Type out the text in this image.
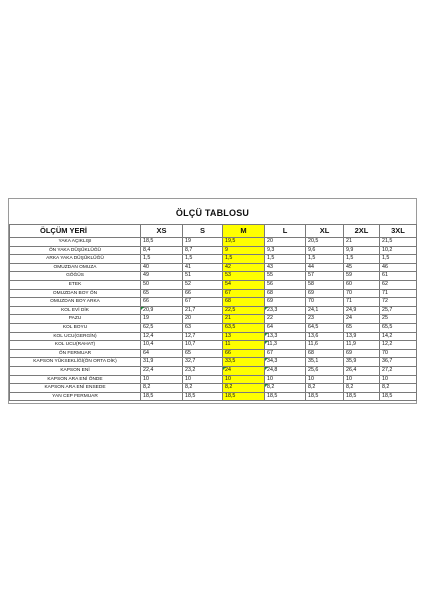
ÖLÇÜ TABLOSU
ÖLÇÜM YERİ	XS	S	M	L	XL	2XL	3XL
YAKA AÇIKLIŞI	18,5	19	19,5	20	20,5	21	21,5
ÖN YAKA DÜŞÜKLÜĞÜ	8,4	8,7	9	9,3	9,6	9,9	10,2
ARKA YAKA DÜŞÜKLÜĞÜ	1,5	1,5	1,5	1,5	1,5	1,5	1,5
OMUZDAN OMUZA	40	41	42	43	44	45	46
GÖĞÜS	49	51	53	55	57	59	61
ETEK	50	52	54	56	58	60	62
OMUZDAN BOY ÖN	65	66	67	68	69	70	71
OMUZDAN BOY ARKA	66	67	68	69	70	71	72
KOL EVİ DİK	20,9	21,7	22,5	23,3	24,1	24,9	25,7
PAZU	19	20	21	22	23	24	25
KOL BOYU	62,5	63	63,5	64	64,5	65	65,5
KOL UCU(GERGİN)	12,4	12,7	13	13,3	13,6	13,9	14,2
KOL UCU(RAHAT)	10,4	10,7	11	11,3	11,6	11,9	12,2
ÖN FERMUAR	64	65	66	67	68	69	70
KAPSON YÜKSEKLİĞİ(ÖN ORTA DİK)	31,9	32,7	33,5	34,3	35,1	35,9	36,7
KAPSON ENİ	22,4	23,2	24	24,8	25,6	26,4	27,2
KAPSON ARA ENİ ÖNDE	10	10	10	10	10	10	10
KAPSON ARA ENİ ENSEDE	8,2	8,2	8,2	8,2	8,2	8,2	8,2
YAN CEP FERMUAR	18,5	18,5	18,5	18,5	18,5	18,5	18,5
